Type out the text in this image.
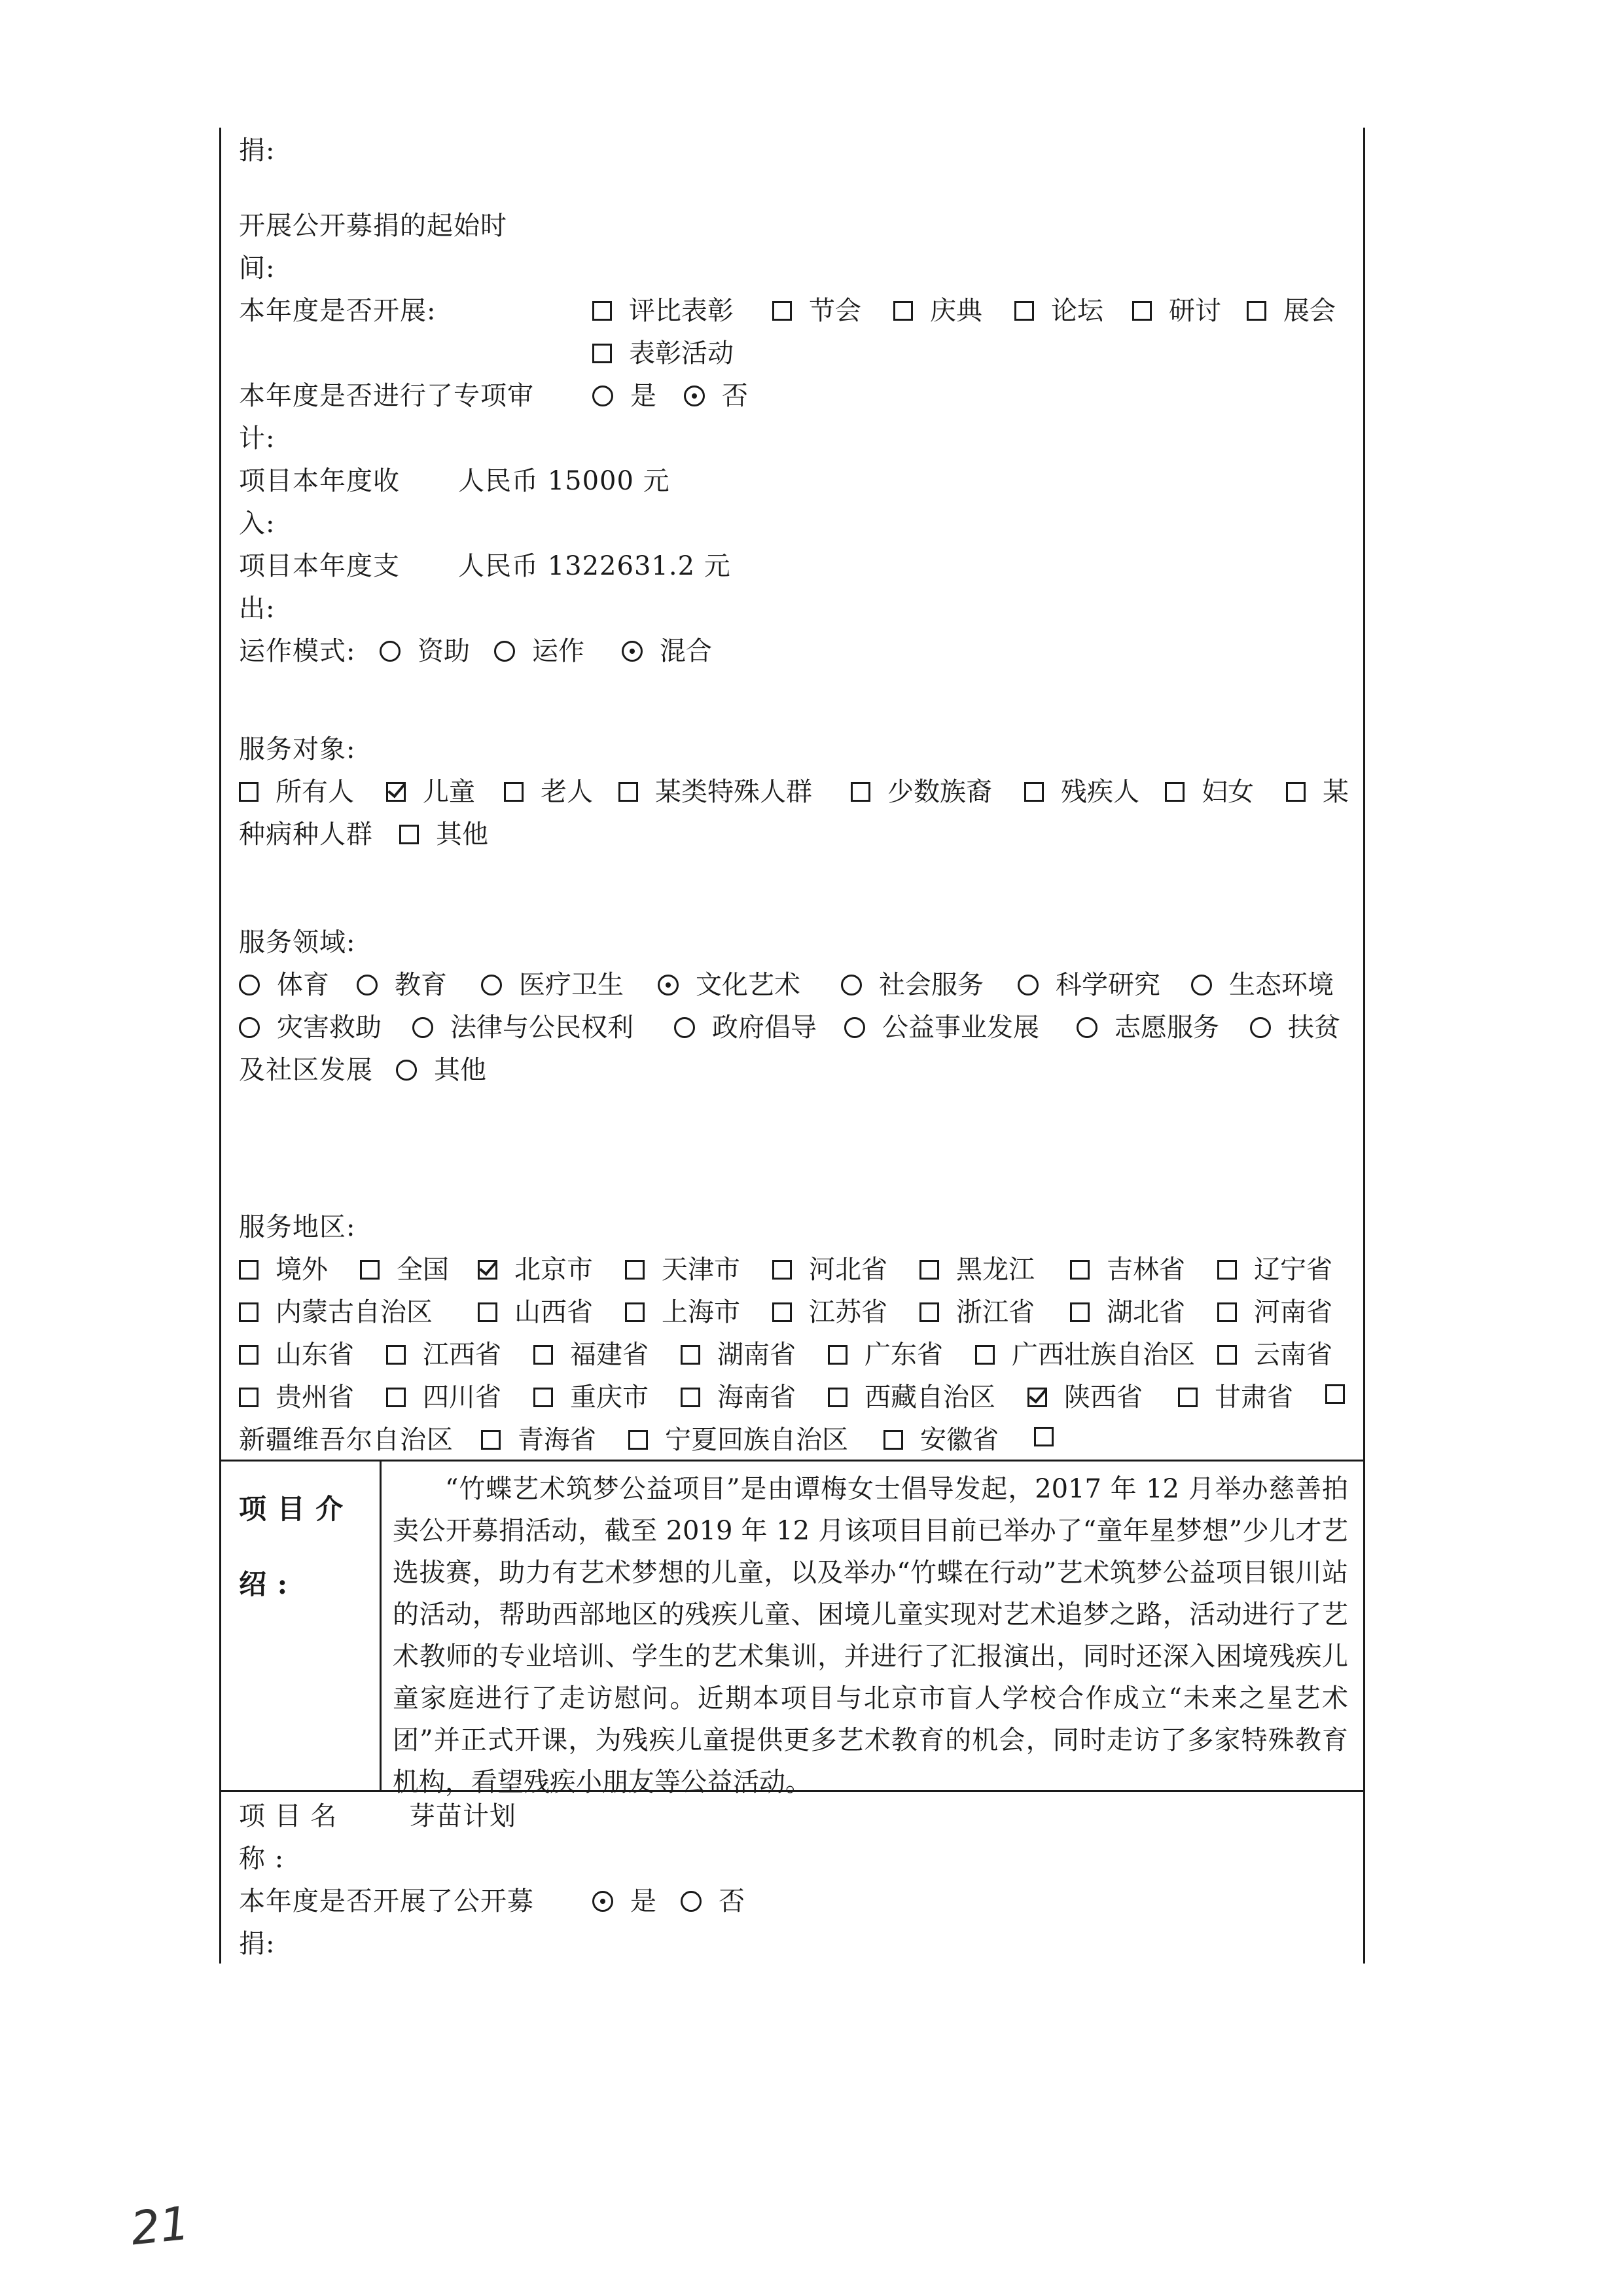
捐:
开展公开募捐的起始时
间:
本年度是否开展:	评比表彰	节会	庆典	论坛	研讨 展会
表彰活动
本年度是否进行了专项审
计:
是	否
项目本年度收
入:
人民币 15000 元
项目本年度支
出:
人民币 1322631.2 元
运作模式: 资助 运作	混合
服务对象:
所有人	儿童	老人 某类特殊人群	少数族裔	残疾人 妇女	某
种病种人群 其他
服务领域:
体育	教育	医疗卫生	文化艺术	社会服务	科学研究	生态环境
灾害救助	法律与公民权利	政府倡导	公益事业发展	志愿服务	扶贫
及社区发展 其他
服务地区:
境外	全国	北京市	天津市	河北省	黑龙江	吉林省	辽宁省
内蒙古自治区	山西省	上海市	江苏省	浙江省	湖北省	河南省
山东省	江西省	福建省	湖南省	广东省	广西壮族自治区 云南省
贵州省	四川省	重庆市	海南省	西藏自治区	陕西省	甘肃省
新疆维吾尔自治区 青海省	宁夏回族自治区	安徽省
项 目 介
绍 :
“竹蝶艺术筑梦公益项目”是由谭梅女士倡导发起，2017 年 12 月举办慈善拍卖公开募捐活动，截至 2019 年 12 月该项目目前已举办了“童年星梦想”少儿才艺选拔赛，助力有艺术梦想的儿童，以及举办“竹蝶在行动”艺术筑梦公益项目银川站的活动，帮助西部地区的残疾儿童、困境儿童实现对艺术追梦之路，活动进行了艺术教师的专业培训、学生的艺术集训，并进行了汇报演出，同时还深入困境残疾儿童家庭进行了走访慰问。近期本项目与北京市盲人学校合作成立“未来之星艺术团”并正式开课，为残疾儿童提供更多艺术教育的机会，同时走访了多家特殊教育机构，看望残疾小朋友等公益活动。
项 目 名
称 :
芽苗计划
本年度是否开展了公开募
捐:
是 否
21
